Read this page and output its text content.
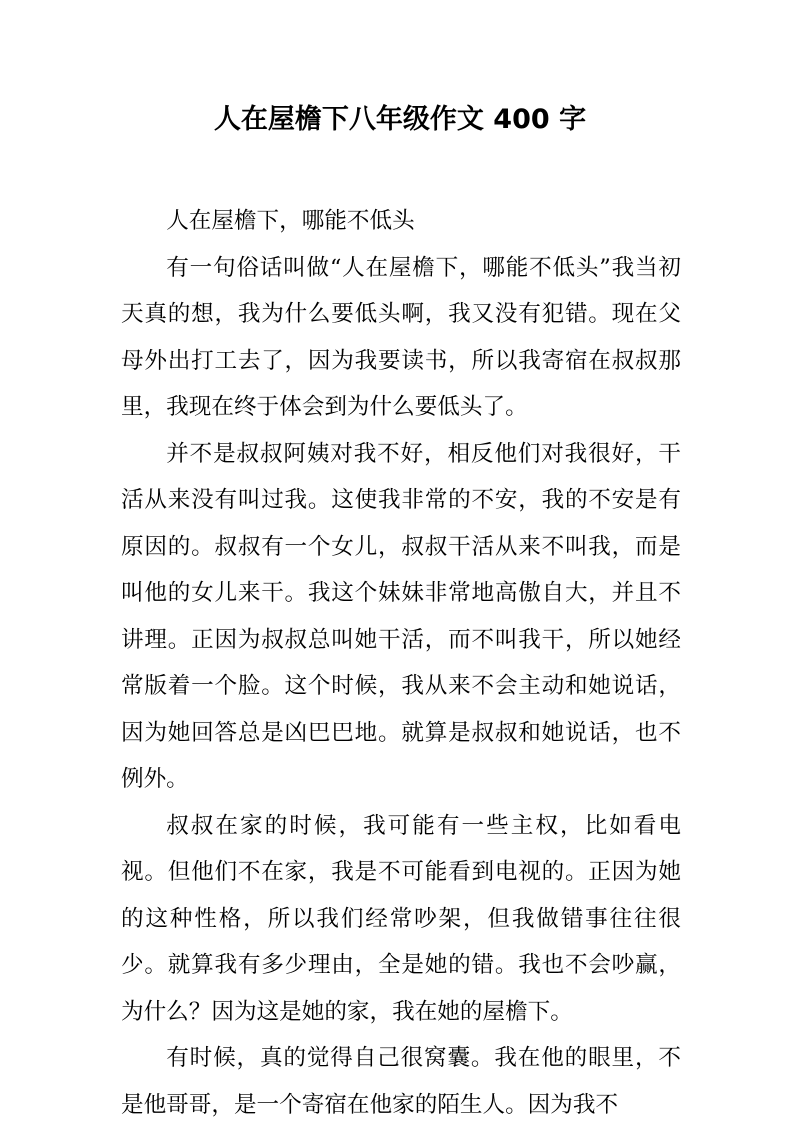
人在屋檐下八年级作文 400 字

人在屋檐下，哪能不低头

有一句俗话叫做“人在屋檐下，哪能不低头”我当初天真的想，我为什么要低头啊，我又没有犯错。现在父母外出打工去了，因为我要读书，所以我寄宿在叔叔那里，我现在终于体会到为什么要低头了。

并不是叔叔阿姨对我不好，相反他们对我很好，干活从来没有叫过我。这使我非常的不安，我的不安是有原因的。叔叔有一个女儿，叔叔干活从来不叫我，而是叫他的女儿来干。我这个妹妹非常地高傲自大，并且不讲理。正因为叔叔总叫她干活，而不叫我干，所以她经常版着一个脸。这个时候，我从来不会主动和她说话，因为她回答总是凶巴巴地。就算是叔叔和她说话，也不例外。

叔叔在家的时候，我可能有一些主权，比如看电视。但他们不在家，我是不可能看到电视的。正因为她的这种性格，所以我们经常吵架，但我做错事往往很少。就算我有多少理由，全是她的错。我也不会吵赢，为什么？因为这是她的家，我在她的屋檐下。

有时候，真的觉得自己很窝囊。我在他的眼里，不是他哥哥，是一个寄宿在他家的陌生人。因为我不
